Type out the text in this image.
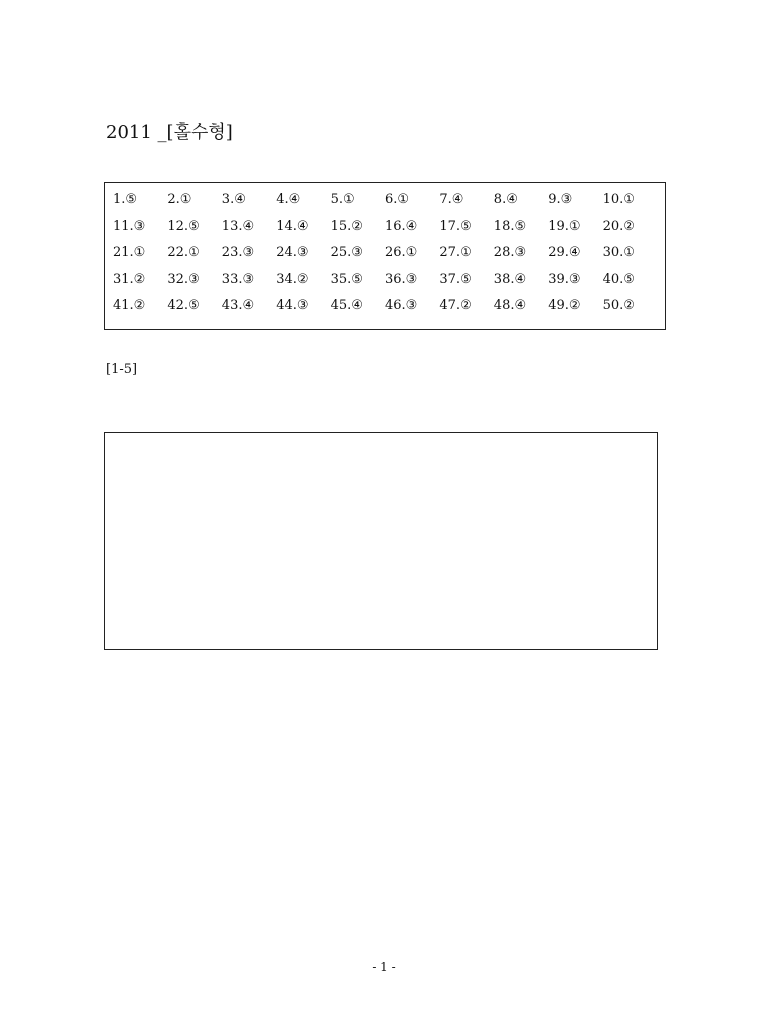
2011 _[홀수형]
1.⑤	2.①	3.④	4.④	5.①	6.①	7.④	8.④	9.③	10.①
11.③	12.⑤	13.④	14.④	15.②	16.④	17.⑤	18.⑤	19.①	20.②
21.①	22.①	23.③	24.③	25.③	26.①	27.①	28.③	29.④	30.①
31.②	32.③	33.③	34.②	35.⑤	36.③	37.⑤	38.④	39.③	40.⑤
41.②	42.⑤	43.④	44.③	45.④	46.③	47.②	48.④	49.②	50.②
[1-5]
- 1 -
